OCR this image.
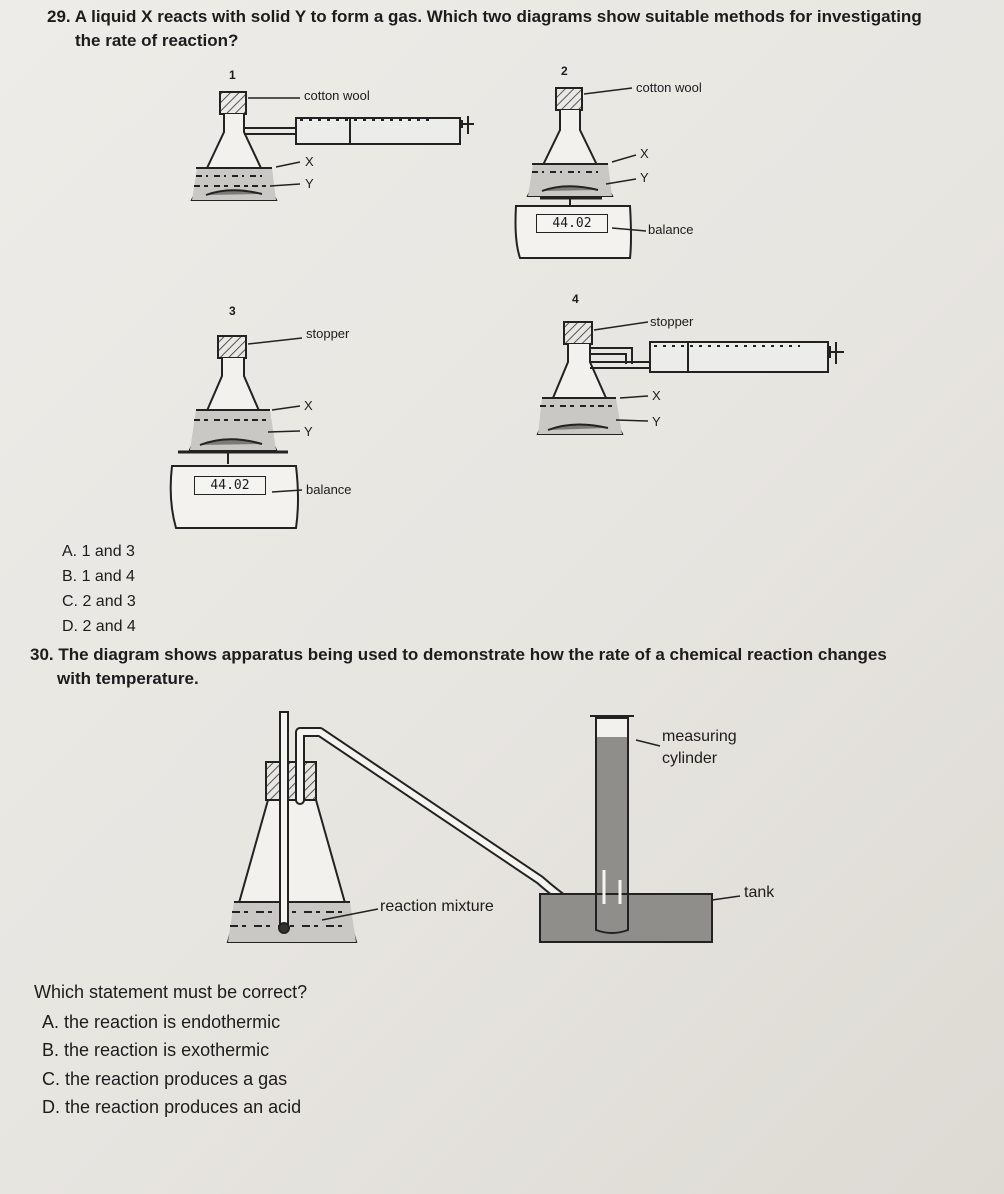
29. A liquid X reacts with solid Y to form a gas. Which two diagrams show suitable methods for investigating
the rate of reaction?
1	2
3
4
cotton wool
X
Y
cotton wool
X
Y
balance
44.02
stopper
X
Y
balance
44.02
stopper
X
Y
A. 1 and 3
B. 1 and 4
C. 2 and 3
D. 2 and 4
30. The diagram shows apparatus being used to demonstrate how the rate of a chemical reaction changes
with temperature.
measuring
cylinder
tank
reaction mixture
Which statement must be correct?
A. the reaction is endothermic
B. the reaction is exothermic
C. the reaction produces a gas
D. the reaction produces an acid
